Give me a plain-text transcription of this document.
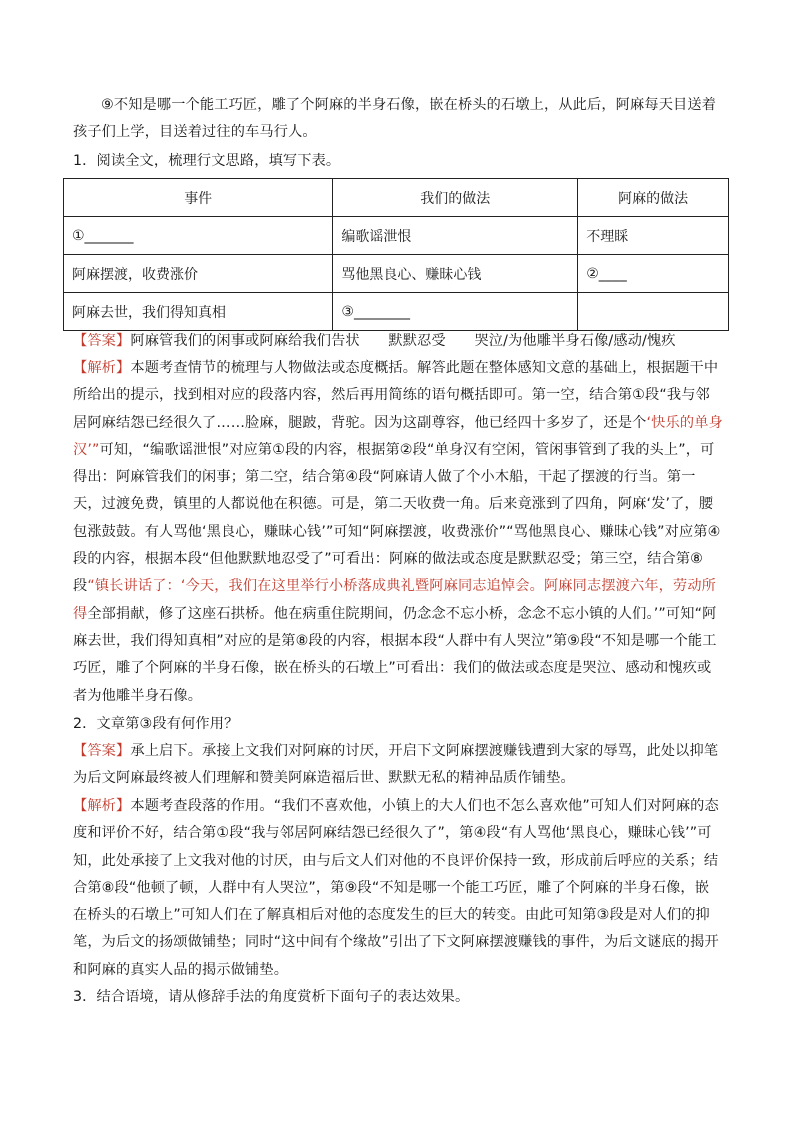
⑨不知是哪一个能工巧匠，雕了个阿麻的半身石像，嵌在桥头的石墩上，从此后，阿麻每天目送着孩子们上学，目送着过往的车马行人。

1．阅读全文，梳理行文思路，填写下表。

事件	我们的做法	阿麻的做法
①_______	编歌谣泄恨	不理睬
阿麻摆渡，收费涨价	骂他黑良心、赚昧心钱	②____
阿麻去世，我们得知真相	③________	

【答案】阿麻管我们的闲事或阿麻给我们告状　　默默忍受　　哭泣/为他雕半身石像/感动/愧疚

【解析】本题考查情节的梳理与人物做法或态度概括。解答此题在整体感知文意的基础上，根据题干中所给出的提示，找到相对应的段落内容，然后再用简练的语句概括即可。第一空，结合第①段“我与邻居阿麻结怨已经很久了……脸麻，腿跛，背驼。因为这副尊容，他已经四十多岁了，还是个‘快乐的单身汉’”可知，“编歌谣泄恨”对应第①段的内容，根据第②段“单身汉有空闲，管闲事管到了我的头上”，可得出：阿麻管我们的闲事；第二空，结合第④段“阿麻请人做了个小木船，干起了摆渡的行当。第一天，过渡免费，镇里的人都说他在积德。可是，第二天收费一角。后来竟涨到了四角，阿麻‘发’了，腰包涨鼓鼓。有人骂他‘黑良心，赚昧心钱’”可知“阿麻摆渡，收费涨价”“骂他黑良心、赚昧心钱”对应第④段的内容，根据本段“但他默默地忍受了”可看出：阿麻的做法或态度是默默忍受；第三空，结合第⑧段“镇长讲话了：‘今天，我们在这里举行小桥落成典礼暨阿麻同志追悼会。阿麻同志摆渡六年，劳动所得全部捐献，修了这座石拱桥。他在病重住院期间，仍念念不忘小桥，念念不忘小镇的人们。’”可知“阿麻去世，我们得知真相”对应的是第⑧段的内容，根据本段“人群中有人哭泣”第⑨段“不知是哪一个能工巧匠，雕了个阿麻的半身石像，嵌在桥头的石墩上”可看出：我们的做法或态度是哭泣、感动和愧疚或者为他雕半身石像。

2．文章第③段有何作用？

【答案】承上启下。承接上文我们对阿麻的讨厌，开启下文阿麻摆渡赚钱遭到大家的辱骂，此处以抑笔为后文阿麻最终被人们理解和赞美阿麻造福后世、默默无私的精神品质作铺垫。

【解析】本题考查段落的作用。“我们不喜欢他，小镇上的大人们也不怎么喜欢他”可知人们对阿麻的态度和评价不好，结合第①段“我与邻居阿麻结怨已经很久了”，第④段“有人骂他‘黑良心，赚昧心钱’”可知，此处承接了上文我对他的讨厌，由与后文人们对他的不良评价保持一致，形成前后呼应的关系；结合第⑧段“他顿了顿，人群中有人哭泣”，第⑨段“不知是哪一个能工巧匠，雕了个阿麻的半身石像，嵌在桥头的石墩上”可知人们在了解真相后对他的态度发生的巨大的转变。由此可知第③段是对人们的抑笔，为后文的扬颂做铺垫；同时“这中间有个缘故”引出了下文阿麻摆渡赚钱的事件，为后文谜底的揭开和阿麻的真实人品的揭示做铺垫。

3．结合语境，请从修辞手法的角度赏析下面句子的表达效果。
